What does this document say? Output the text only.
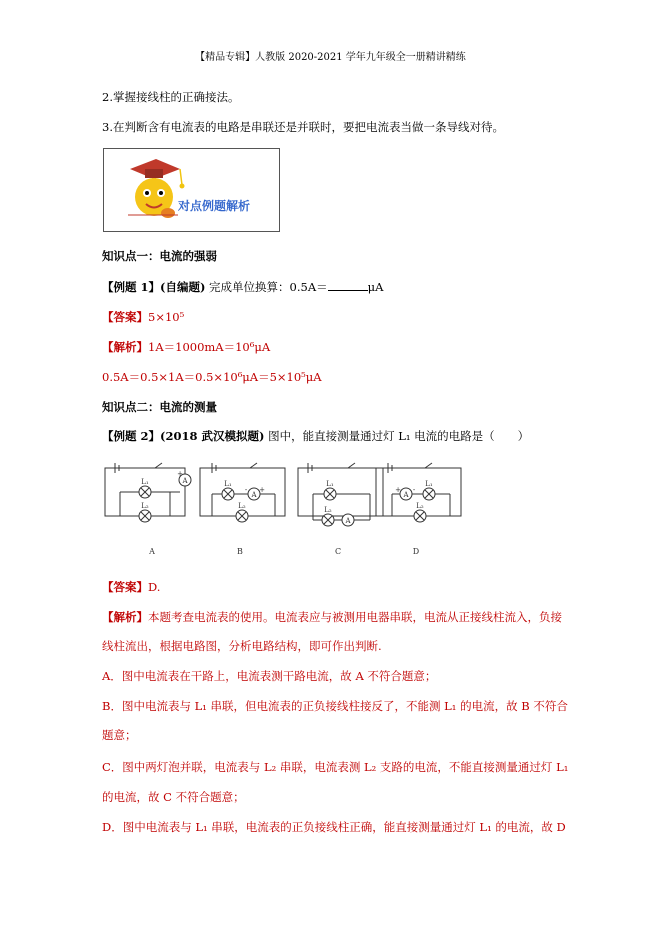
【精品专辑】人教版 2020-2021 学年九年级全一册精讲精练
2.掌握接线柱的正确接法。
3.在判断含有电流表的电路是串联还是并联时，要把电流表当做一条导线对待。
对点例题解析
知识点一：电流的强弱
【例题 1】(自编题) 完成单位换算：0.5A＝	μA
【答案】5×10⁵
【解析】1A＝1000mA＝10⁶μA
0.5A＝0.5×1A＝0.5×10⁶μA＝5×10⁵μA
知识点二：电流的测量
【例题 2】(2018 武汉模拟题) 图中，能直接测量通过灯 L₁ 电流的电路是（　　）
A
A
A
A
L₁
L₂
L₁
L₂
L₁
L₂
L₁
L₂
+
- +	+ -
A	B	C	D
【答案】D.
【解析】本题考查电流表的使用。电流表应与被测用电器串联，电流从正接线柱流入，负接
线柱流出，根据电路图，分析电路结构，即可作出判断.
A．图中电流表在干路上，电流表测干路电流，故 A 不符合题意；
B．图中电流表与 L₁ 串联，但电流表的正负接线柱接反了，不能测 L₁ 的电流，故 B 不符合
题意；
C．图中两灯泡并联，电流表与 L₂ 串联，电流表测 L₂ 支路的电流，不能直接测量通过灯 L₁
的电流，故 C 不符合题意；
D．图中电流表与 L₁ 串联，电流表的正负接线柱正确，能直接测量通过灯 L₁ 的电流，故 D
